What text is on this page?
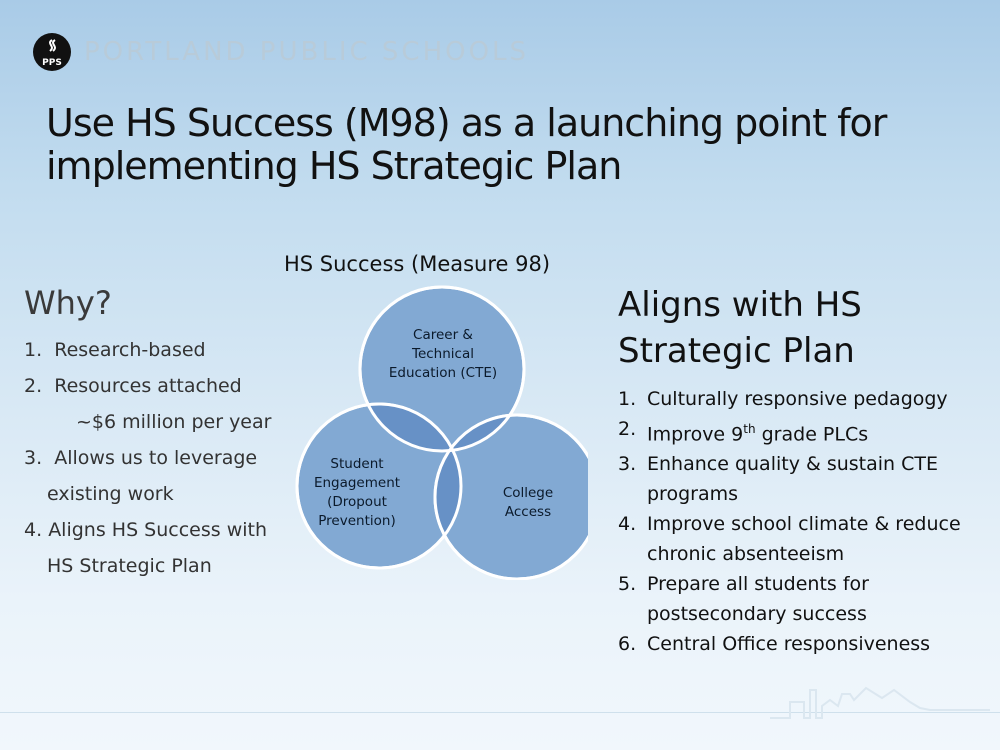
PPS PORTLAND PUBLIC SCHOOLS
Use HS Success (M98) as a launching point for
implementing HS Strategic Plan
Why?
1. Research-based
2. Resources attached
~$6 million per year
3. Allows us to leverage
existing work
4. Aligns HS Success with
HS Strategic Plan
HS Success (Measure 98)
Career &
Technical
Education (CTE)
Student
Engagement
(Dropout
Prevention)
College
Access
Aligns with HS
Strategic Plan
1. Culturally responsive pedagogy
2. Improve 9th grade PLCs
3. Enhance quality & sustain CTE programs
4. Improve school climate & reduce chronic absenteeism
5. Prepare all students for postsecondary success
6. Central Office responsiveness
